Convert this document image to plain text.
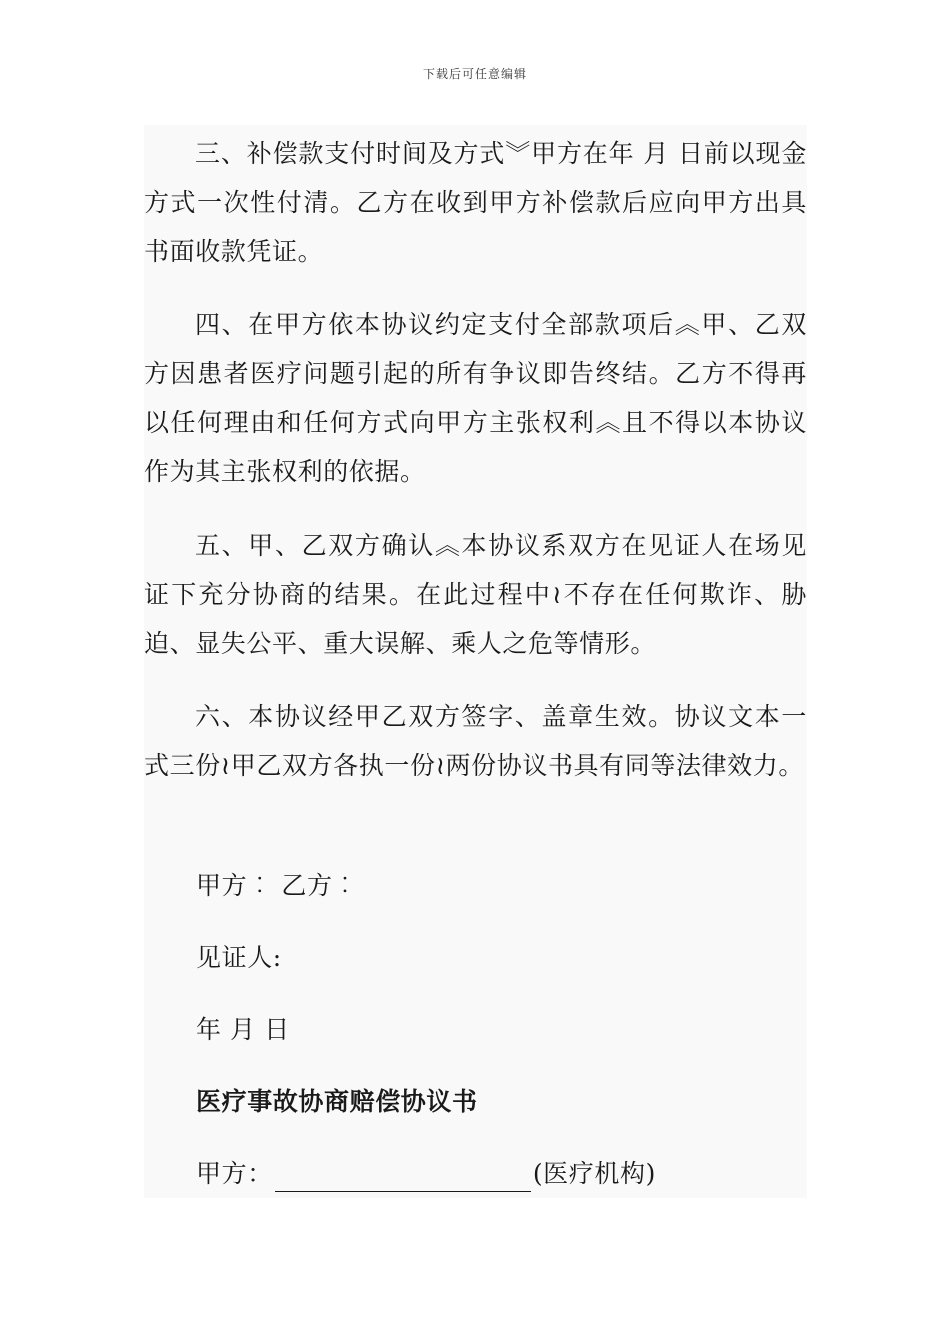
下载后可任意编辑

三、补偿款支付时间及方式︾甲方在年 月 日前以现金方式一次性付清。乙方在收到甲方补偿款后应向甲方出具书面收款凭证。

四、在甲方依本协议约定支付全部款项后︽甲、乙双方因患者医疗问题引起的所有争议即告终结。乙方不得再以任何理由和任何方式向甲方主张权利︽且不得以本协议作为其主张权利的依据。

五、甲、乙双方确认︽本协议系双方在见证人在场见证下充分协商的结果。在此过程中≀不存在任何欺诈、胁迫、显失公平、重大误解、乘人之危等情形。

六、本协议经甲乙双方签字、盖章生效。协议文本一式三份≀甲乙双方各执一份≀两份协议书具有同等法律效力。

甲方︰ 乙方︰

见证人:

年 月 日

医疗事故协商赔偿协议书

甲方：	(医疗机构)
